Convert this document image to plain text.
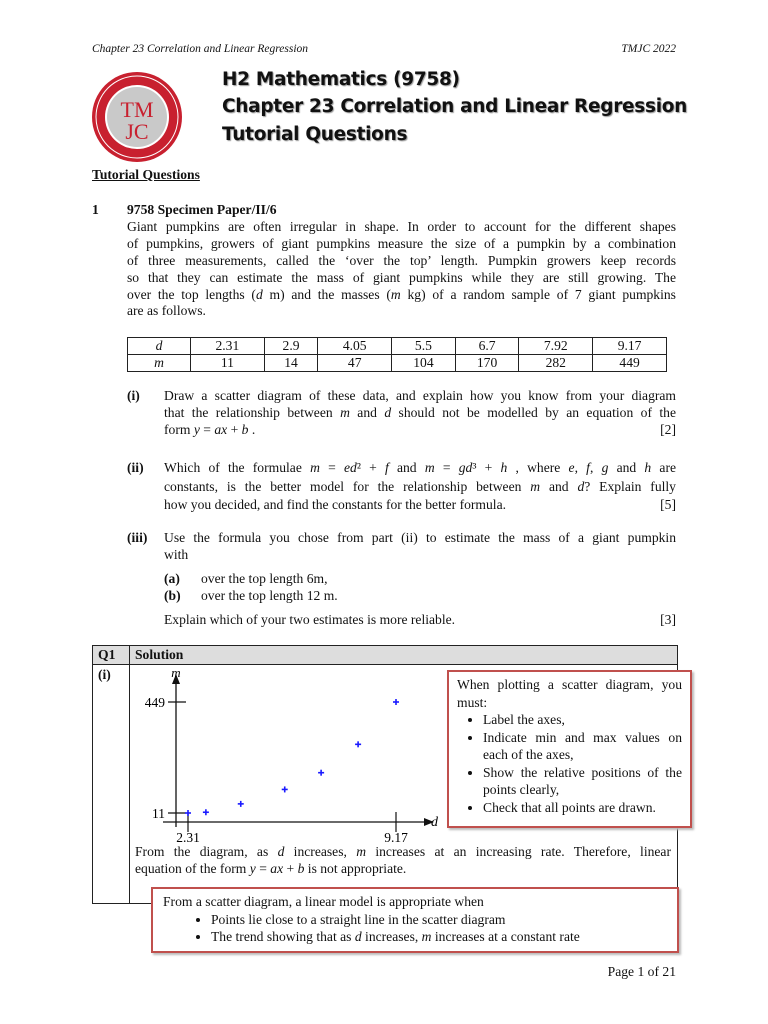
Chapter 23 Correlation and Linear Regression	TMJC 2022
TM
JC
H2 Mathematics (9758)
Chapter 23 Correlation and Linear Regression
Tutorial Questions
Tutorial Questions
1 9758 Specimen Paper/II/6
Giant pumpkins are often irregular in shape. In order to account for the different shapes
of pumpkins, growers of giant pumpkins measure the size of a pumpkin by a combination
of three measurements, called the ‘over the top’ length. Pumpkin growers keep records
so that they can estimate the mass of giant pumpkins while they are still growing. The
over the top lengths (d m) and the masses (m kg) of a random sample of 7 giant pumpkins
are as follows.
d	2.31	2.9	4.05	5.5	6.7	7.92	9.17
m	11	14	47	104	170	282	449
(i) Draw a scatter diagram of these data, and explain how you know from your diagram
that the relationship between m and d should not be modelled by an equation of the
form y = ax + b .	[2]
(ii) Which of the formulae m = ed² + f and m = gd³ + h , where e, f, g and h are
constants, is the better model for the relationship between m and d? Explain fully
how you decided, and find the constants for the better formula.	[5]
(iii) Use the formula you chose from part (ii) to estimate the mass of a giant pumpkin
with
(a) over the top length 6m,
(b) over the top length 12 m.
Explain which of your two estimates is more reliable.	[3]
Q1 Solution
(i)
From the diagram, as d increases, m increases at an increasing rate. Therefore, linear
equation of the form y = ax + b is not appropriate.
m
d
11
449
2.31	9.17
When plotting a scatter diagram, you must:
• Label the axes,
• Indicate min and max values on each of the axes,
• Show the relative positions of the points clearly,
• Check that all points are drawn.
From a scatter diagram, a linear model is appropriate when
• Points lie close to a straight line in the scatter diagram
• The trend showing that as d increases, m increases at a constant rate
Page 1 of 21
